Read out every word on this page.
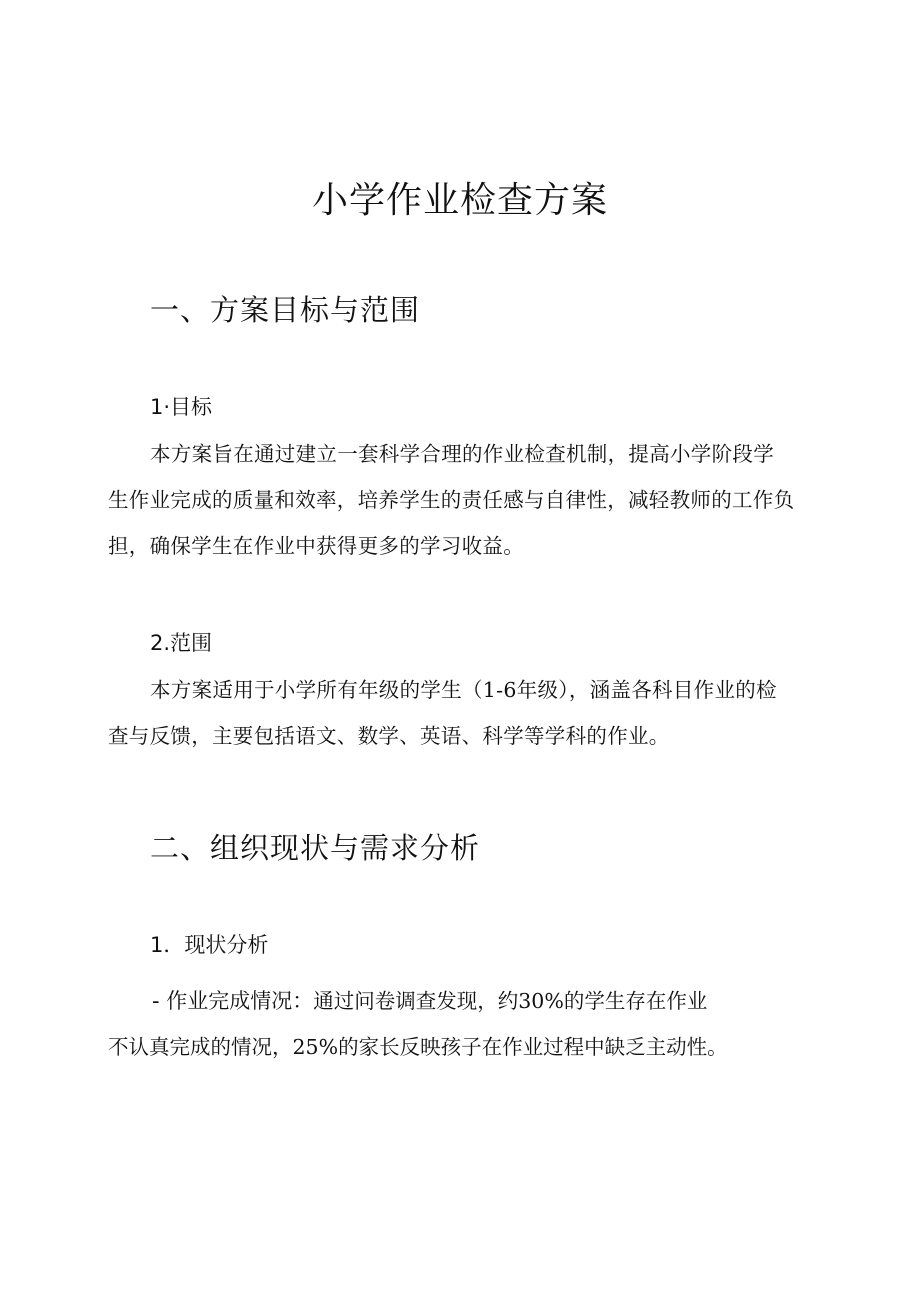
小学作业检查方案
一、方案目标与范围
1·目标
本方案旨在通过建立一套科学合理的作业检查机制，提高小学阶段学
生作业完成的质量和效率，培养学生的责任感与自律性，减轻教师的工作负
担，确保学生在作业中获得更多的学习收益。
2.范围
本方案适用于小学所有年级的学生（1-6年级），涵盖各科目作业的检
查与反馈，主要包括语文、数学、英语、科学等学科的作业。
二、组织现状与需求分析
1．现状分析
- 作业完成情况：通过问卷调查发现，约30%的学生存在作业
不认真完成的情况，25%的家长反映孩子在作业过程中缺乏主动性。
